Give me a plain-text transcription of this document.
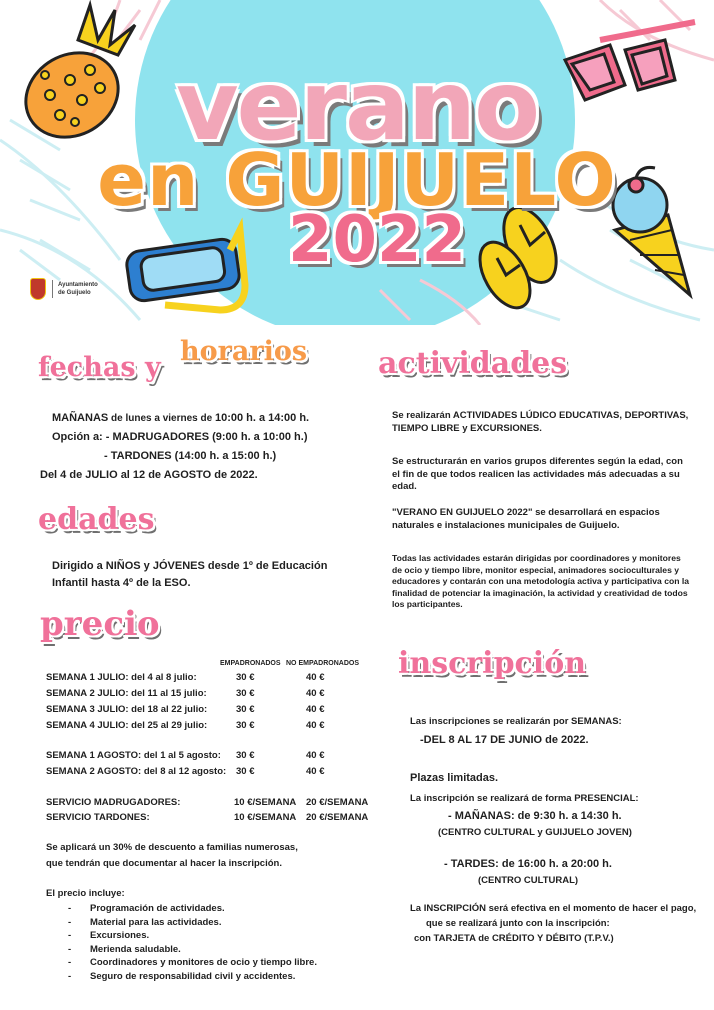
verano
en GUIJUELO
2022
Ayuntamiento
de Guijuelo
fechas y
horarios
MAÑANAS de lunes a viernes de 10:00 h. a 14:00 h.
Opción a: - MADRUGADORES (9:00 h. a 10:00 h.)
- TARDONES (14:00 h. a 15:00 h.)
Del 4 de JULIO al 12 de AGOSTO de 2022.
edades
Dirigido a NIÑOS y JÓVENES desde 1º de Educación
Infantil hasta 4º de la ESO.
precio
EMPADRONADOS NO EMPADRONADOS
SEMANA 1 JULIO: del 4 al 8 julio:	30 €	40 €
SEMANA 2 JULIO: del 11 al 15 julio:	30 €	40 €
SEMANA 3 JULIO: del 18 al 22 julio:	30 €	40 €
SEMANA 4 JULIO: del 25 al 29 julio:	30 €	40 €
SEMANA 1 AGOSTO: del 1 al 5 agosto: 30 €	40 €
SEMANA 2 AGOSTO: del 8 al 12 agosto: 30 €	40 €
SERVICIO MADRUGADORES:	10 €/SEMANA 20 €/SEMANA
SERVICIO TARDONES:	10 €/SEMANA 20 €/SEMANA
Se aplicará un 30% de descuento a familias numerosas,
que tendrán que documentar al hacer la inscripción.
El precio incluye:
- Programación de actividades.
- Material para las actividades.
- Excursiones.
- Merienda saludable.
- Coordinadores y monitores de ocio y tiempo libre.
- Seguro de responsabilidad civil y accidentes.
actividades
Se realizarán ACTIVIDADES LÚDICO EDUCATIVAS, DEPORTIVAS, TIEMPO LIBRE y EXCURSIONES.
Se estructurarán en varios grupos diferentes según la edad, con el fin de que todos realicen las actividades más adecuadas a su edad.
"VERANO EN GUIJUELO 2022" se desarrollará en espacios naturales e instalaciones municipales de Guijuelo.
Todas las actividades estarán dirigidas por coordinadores y monitores de ocio y tiempo libre, monitor especial, animadores socioculturales y educadores y contarán con una metodología activa y participativa con la finalidad de potenciar la imaginación, la actividad y creatividad de todos los participantes.
inscripción
Las inscripciones se realizarán por SEMANAS:
-DEL 8 AL 17 DE JUNIO de 2022.
Plazas limitadas.
La inscripción se realizará de forma PRESENCIAL:
- MAÑANAS: de 9:30 h. a 14:30 h.
(CENTRO CULTURAL y GUIJUELO JOVEN)
- TARDES: de 16:00 h. a 20:00 h.
(CENTRO CULTURAL)
La INSCRIPCIÓN será efectiva en el momento de hacer el pago,
que se realizará junto con la inscripción:
con TARJETA de CRÉDITO Y DÉBITO (T.P.V.)
